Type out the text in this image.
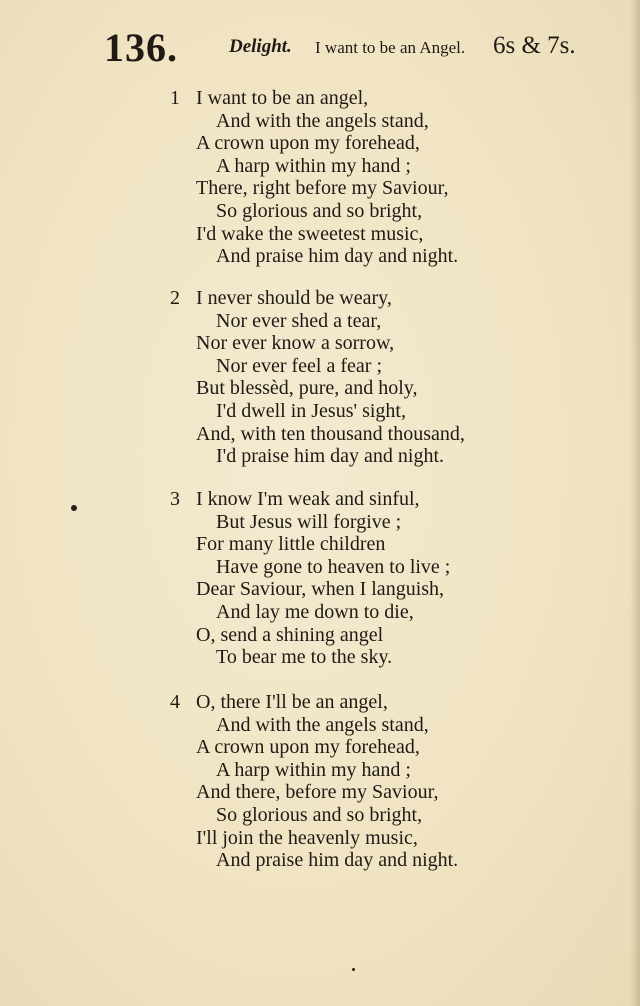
136.	Delight. I want to be an Angel. 6s & 7s.
1 I want to be an angel,
And with the angels stand,
A crown upon my forehead,
A harp within my hand ;
There, right before my Saviour,
So glorious and so bright,
I'd wake the sweetest music,
And praise him day and night.
2 I never should be weary,
Nor ever shed a tear,
Nor ever know a sorrow,
Nor ever feel a fear ;
But blessèd, pure, and holy,
I'd dwell in Jesus' sight,
And, with ten thousand thousand,
I'd praise him day and night.
3 I know I'm weak and sinful,
But Jesus will forgive ;
For many little children
Have gone to heaven to live ;
Dear Saviour, when I languish,
And lay me down to die,
O, send a shining angel
To bear me to the sky.
4 O, there I'll be an angel,
And with the angels stand,
A crown upon my forehead,
A harp within my hand ;
And there, before my Saviour,
So glorious and so bright,
I'll join the heavenly music,
And praise him day and night.
